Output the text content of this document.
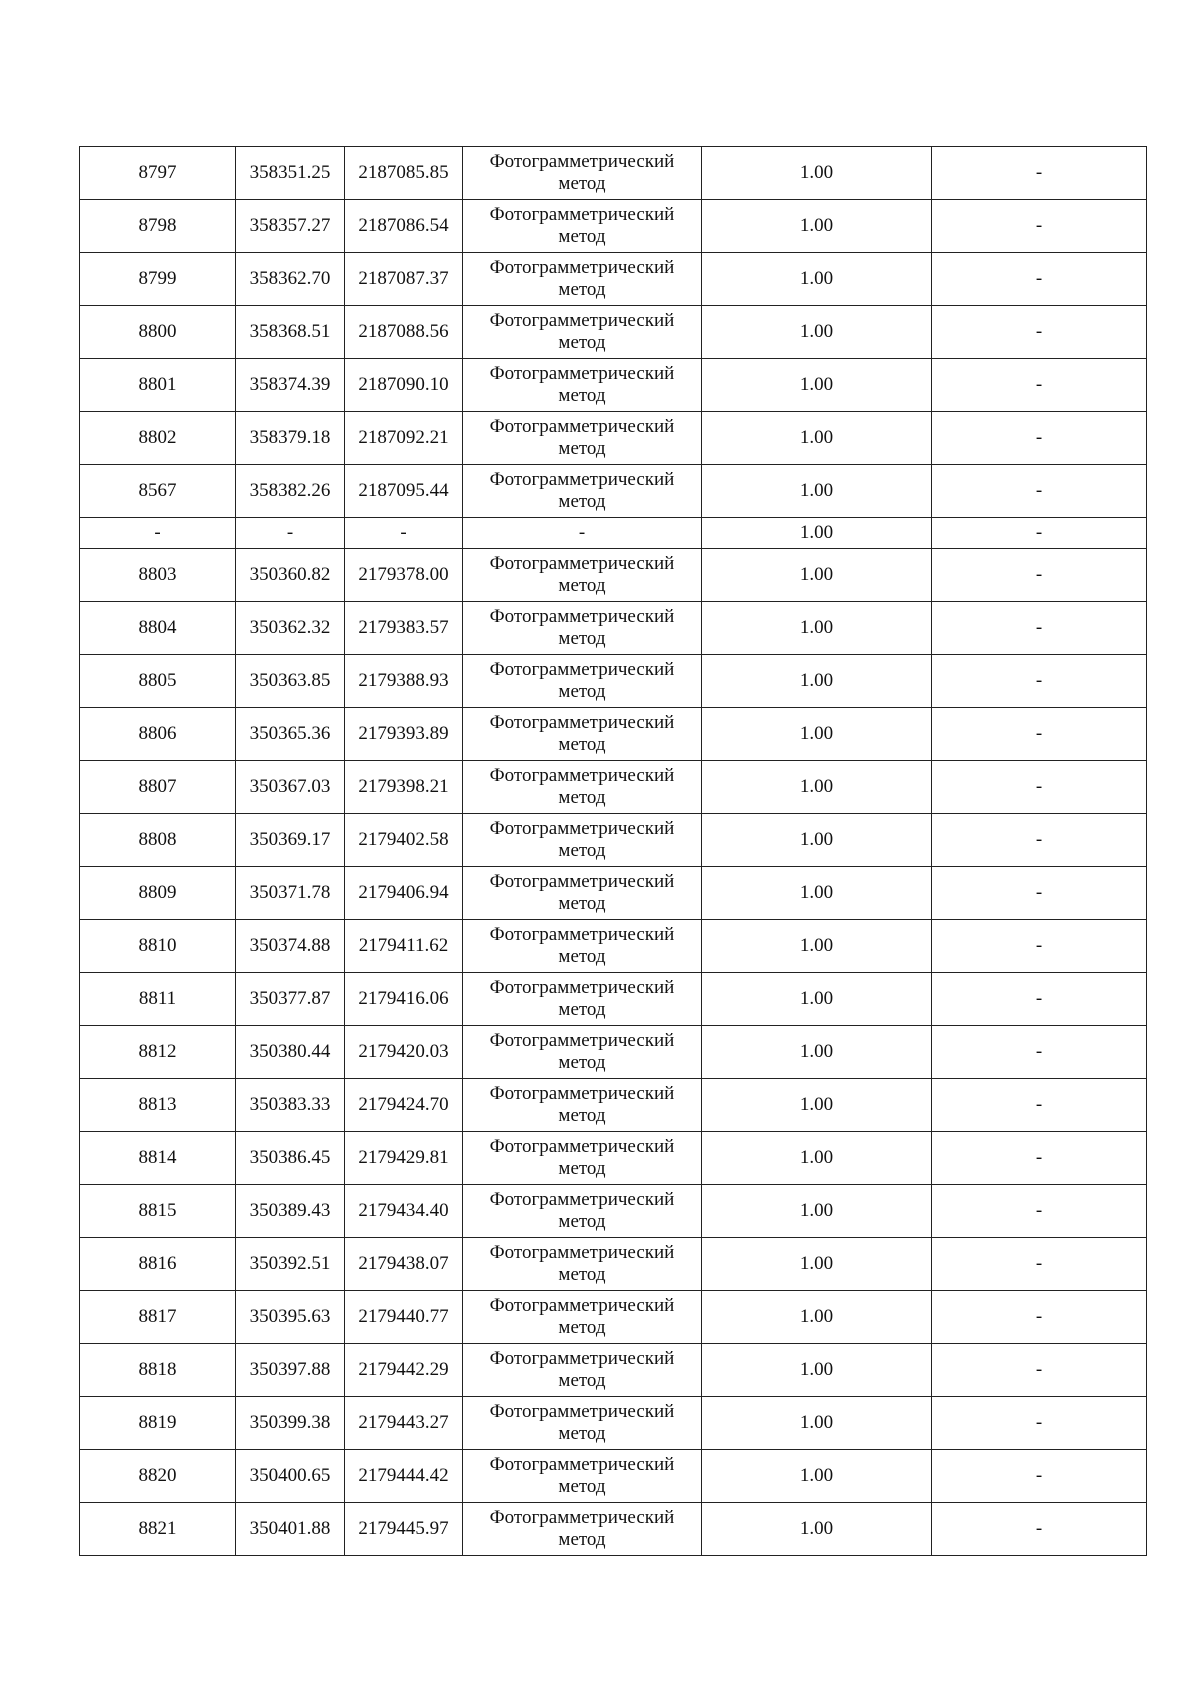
8797	358351.25	2187085.85	Фотограмметрический
метод	1.00	-
8798	358357.27	2187086.54	Фотограмметрический
метод	1.00	-
8799	358362.70	2187087.37	Фотограмметрический
метод	1.00	-
8800	358368.51	2187088.56	Фотограмметрический
метод	1.00	-
8801	358374.39	2187090.10	Фотограмметрический
метод	1.00	-
8802	358379.18	2187092.21	Фотограмметрический
метод	1.00	-
8567	358382.26	2187095.44	Фотограмметрический
метод	1.00	-
-	-	-	-	1.00	-
8803	350360.82	2179378.00	Фотограмметрический
метод	1.00	-
8804	350362.32	2179383.57	Фотограмметрический
метод	1.00	-
8805	350363.85	2179388.93	Фотограмметрический
метод	1.00	-
8806	350365.36	2179393.89	Фотограмметрический
метод	1.00	-
8807	350367.03	2179398.21	Фотограмметрический
метод	1.00	-
8808	350369.17	2179402.58	Фотограмметрический
метод	1.00	-
8809	350371.78	2179406.94	Фотограмметрический
метод	1.00	-
8810	350374.88	2179411.62	Фотограмметрический
метод	1.00	-
8811	350377.87	2179416.06	Фотограмметрический
метод	1.00	-
8812	350380.44	2179420.03	Фотограмметрический
метод	1.00	-
8813	350383.33	2179424.70	Фотограмметрический
метод	1.00	-
8814	350386.45	2179429.81	Фотограмметрический
метод	1.00	-
8815	350389.43	2179434.40	Фотограмметрический
метод	1.00	-
8816	350392.51	2179438.07	Фотограмметрический
метод	1.00	-
8817	350395.63	2179440.77	Фотограмметрический
метод	1.00	-
8818	350397.88	2179442.29	Фотограмметрический
метод	1.00	-
8819	350399.38	2179443.27	Фотограмметрический
метод	1.00	-
8820	350400.65	2179444.42	Фотограмметрический
метод	1.00	-
8821	350401.88	2179445.97	Фотограмметрический
метод	1.00	-
